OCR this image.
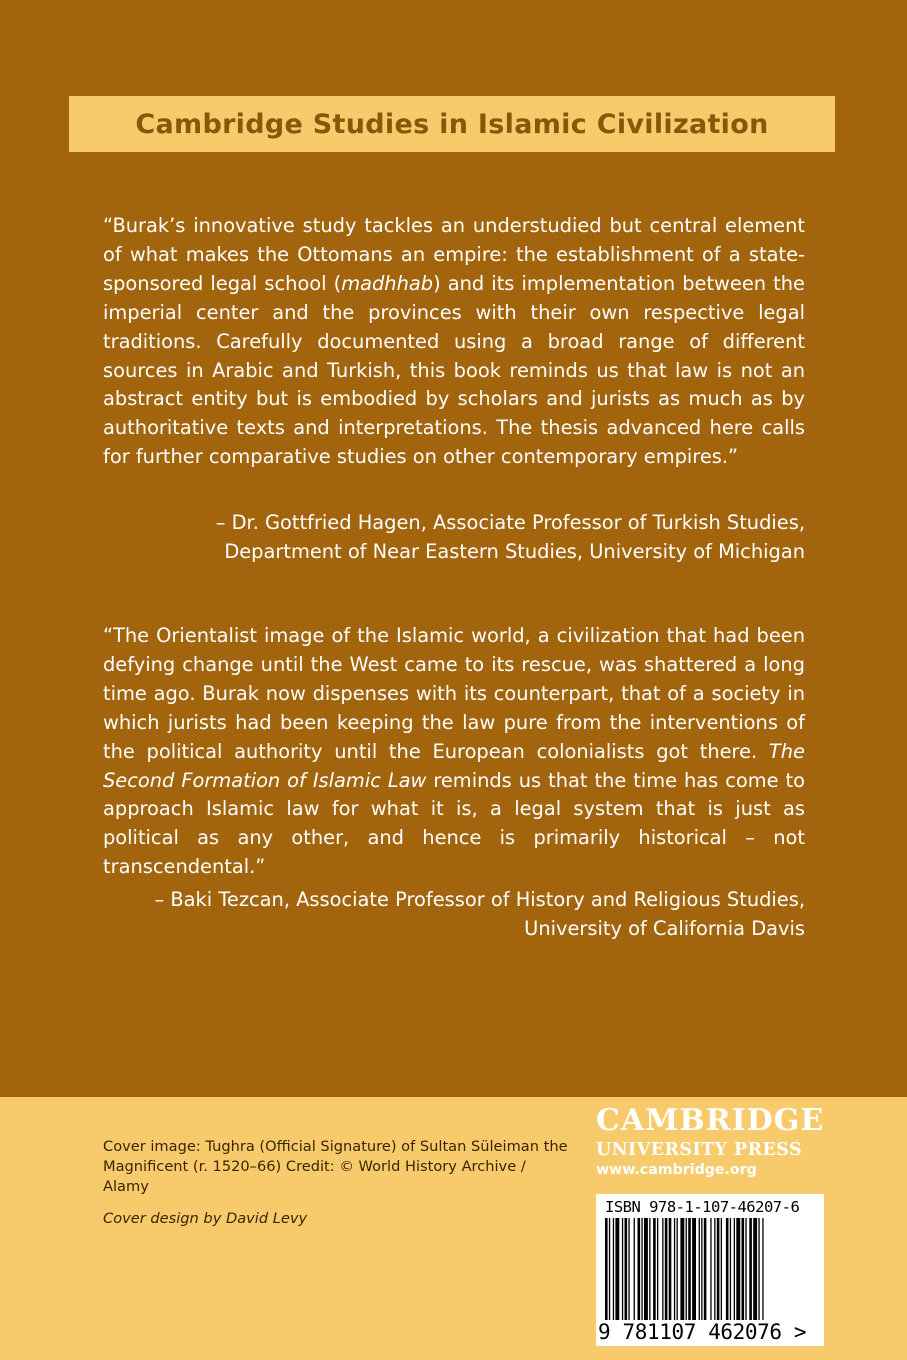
Cambridge Studies in Islamic Civilization

“Burak’s innovative study tackles an understudied but central element of what makes the Ottomans an empire: the establishment of a state-sponsored legal school (madhhab) and its implementation between the imperial center and the provinces with their own respective legal traditions. Carefully documented using a broad range of different sources in Arabic and Turkish, this book reminds us that law is not an abstract entity but is embodied by scholars and jurists as much as by authoritative texts and interpretations. The thesis advanced here calls for further comparative studies on other contemporary empires.”

– Dr. Gottfried Hagen, Associate Professor of Turkish Studies,
Department of Near Eastern Studies, University of Michigan

“The Orientalist image of the Islamic world, a civilization that had been defying change until the West came to its rescue, was shattered a long time ago. Burak now dispenses with its counterpart, that of a society in which jurists had been keeping the law pure from the interventions of the political authority until the European colonialists got there. The Second Formation of Islamic Law reminds us that the time has come to approach Islamic law for what it is, a legal system that is just as political as any other, and hence is primarily historical – not transcendental.”

– Baki Tezcan, Associate Professor of History and Religious Studies,
University of California Davis
Cover image: Tughra (Official Signature) of Sultan Süleiman the Magnificent (r. 1520–66) Credit: © World History Archive / Alamy
Cover design by David Levy
CAMBRIDGE
UNIVERSITY PRESS
www.cambridge.org
ISBN 978-1-107-46207-6
9 781107 462076 >
